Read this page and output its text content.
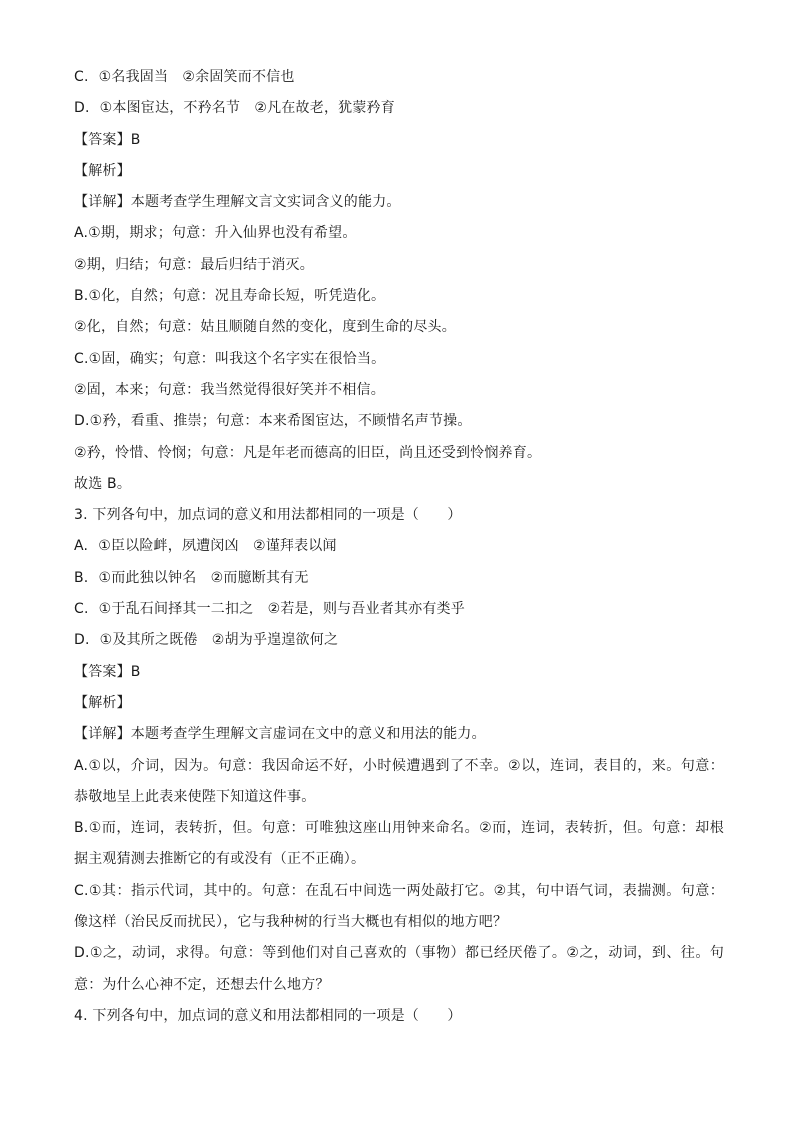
C. ①名我固当　②余固笑而不信也
D. ①本图宦达，不矜名节　②凡在故老，犹蒙矜育
【答案】B
【解析】
【详解】本题考查学生理解文言文实词含义的能力。
A.①期，期求；句意：升入仙界也没有希望。
②期，归结；句意：最后归结于消灭。
B.①化，自然；句意：况且寿命长短，听凭造化。
②化，自然；句意：姑且顺随自然的变化，度到生命的尽头。
C.①固，确实；句意：叫我这个名字实在很恰当。
②固，本来；句意：我当然觉得很好笑并不相信。
D.①矜，看重、推崇；句意：本来希图宦达，不顾惜名声节操。
②矜，怜惜、怜悯；句意：凡是年老而德高的旧臣，尚且还受到怜悯养育。
故选 B。
3. 下列各句中，加点词的意义和用法都相同的一项是（　　）
A. ①臣以险衅，夙遭闵凶　②谨拜表以闻
B. ①而此独以钟名　②而臆断其有无
C. ①于乱石间择其一二扣之　②若是，则与吾业者其亦有类乎
D. ①及其所之既倦　②胡为乎遑遑欲何之
【答案】B
【解析】
【详解】本题考查学生理解文言虚词在文中的意义和用法的能力。
A.①以，介词，因为。句意：我因命运不好，小时候遭遇到了不幸。②以，连词，表目的，来。句意：恭敬地呈上此表来使陛下知道这件事。
B.①而，连词，表转折，但。句意：可唯独这座山用钟来命名。②而，连词，表转折，但。句意：却根据主观猜测去推断它的有或没有（正不正确）。
C.①其：指示代词，其中的。句意：在乱石中间选一两处敲打它。②其，句中语气词，表揣测。句意：像这样（治民反而扰民），它与我种树的行当大概也有相似的地方吧？
D.①之，动词，求得。句意：等到他们对自己喜欢的（事物）都已经厌倦了。②之，动词，到、往。句意：为什么心神不定，还想去什么地方？
4. 下列各句中，加点词的意义和用法都相同的一项是（　　）
